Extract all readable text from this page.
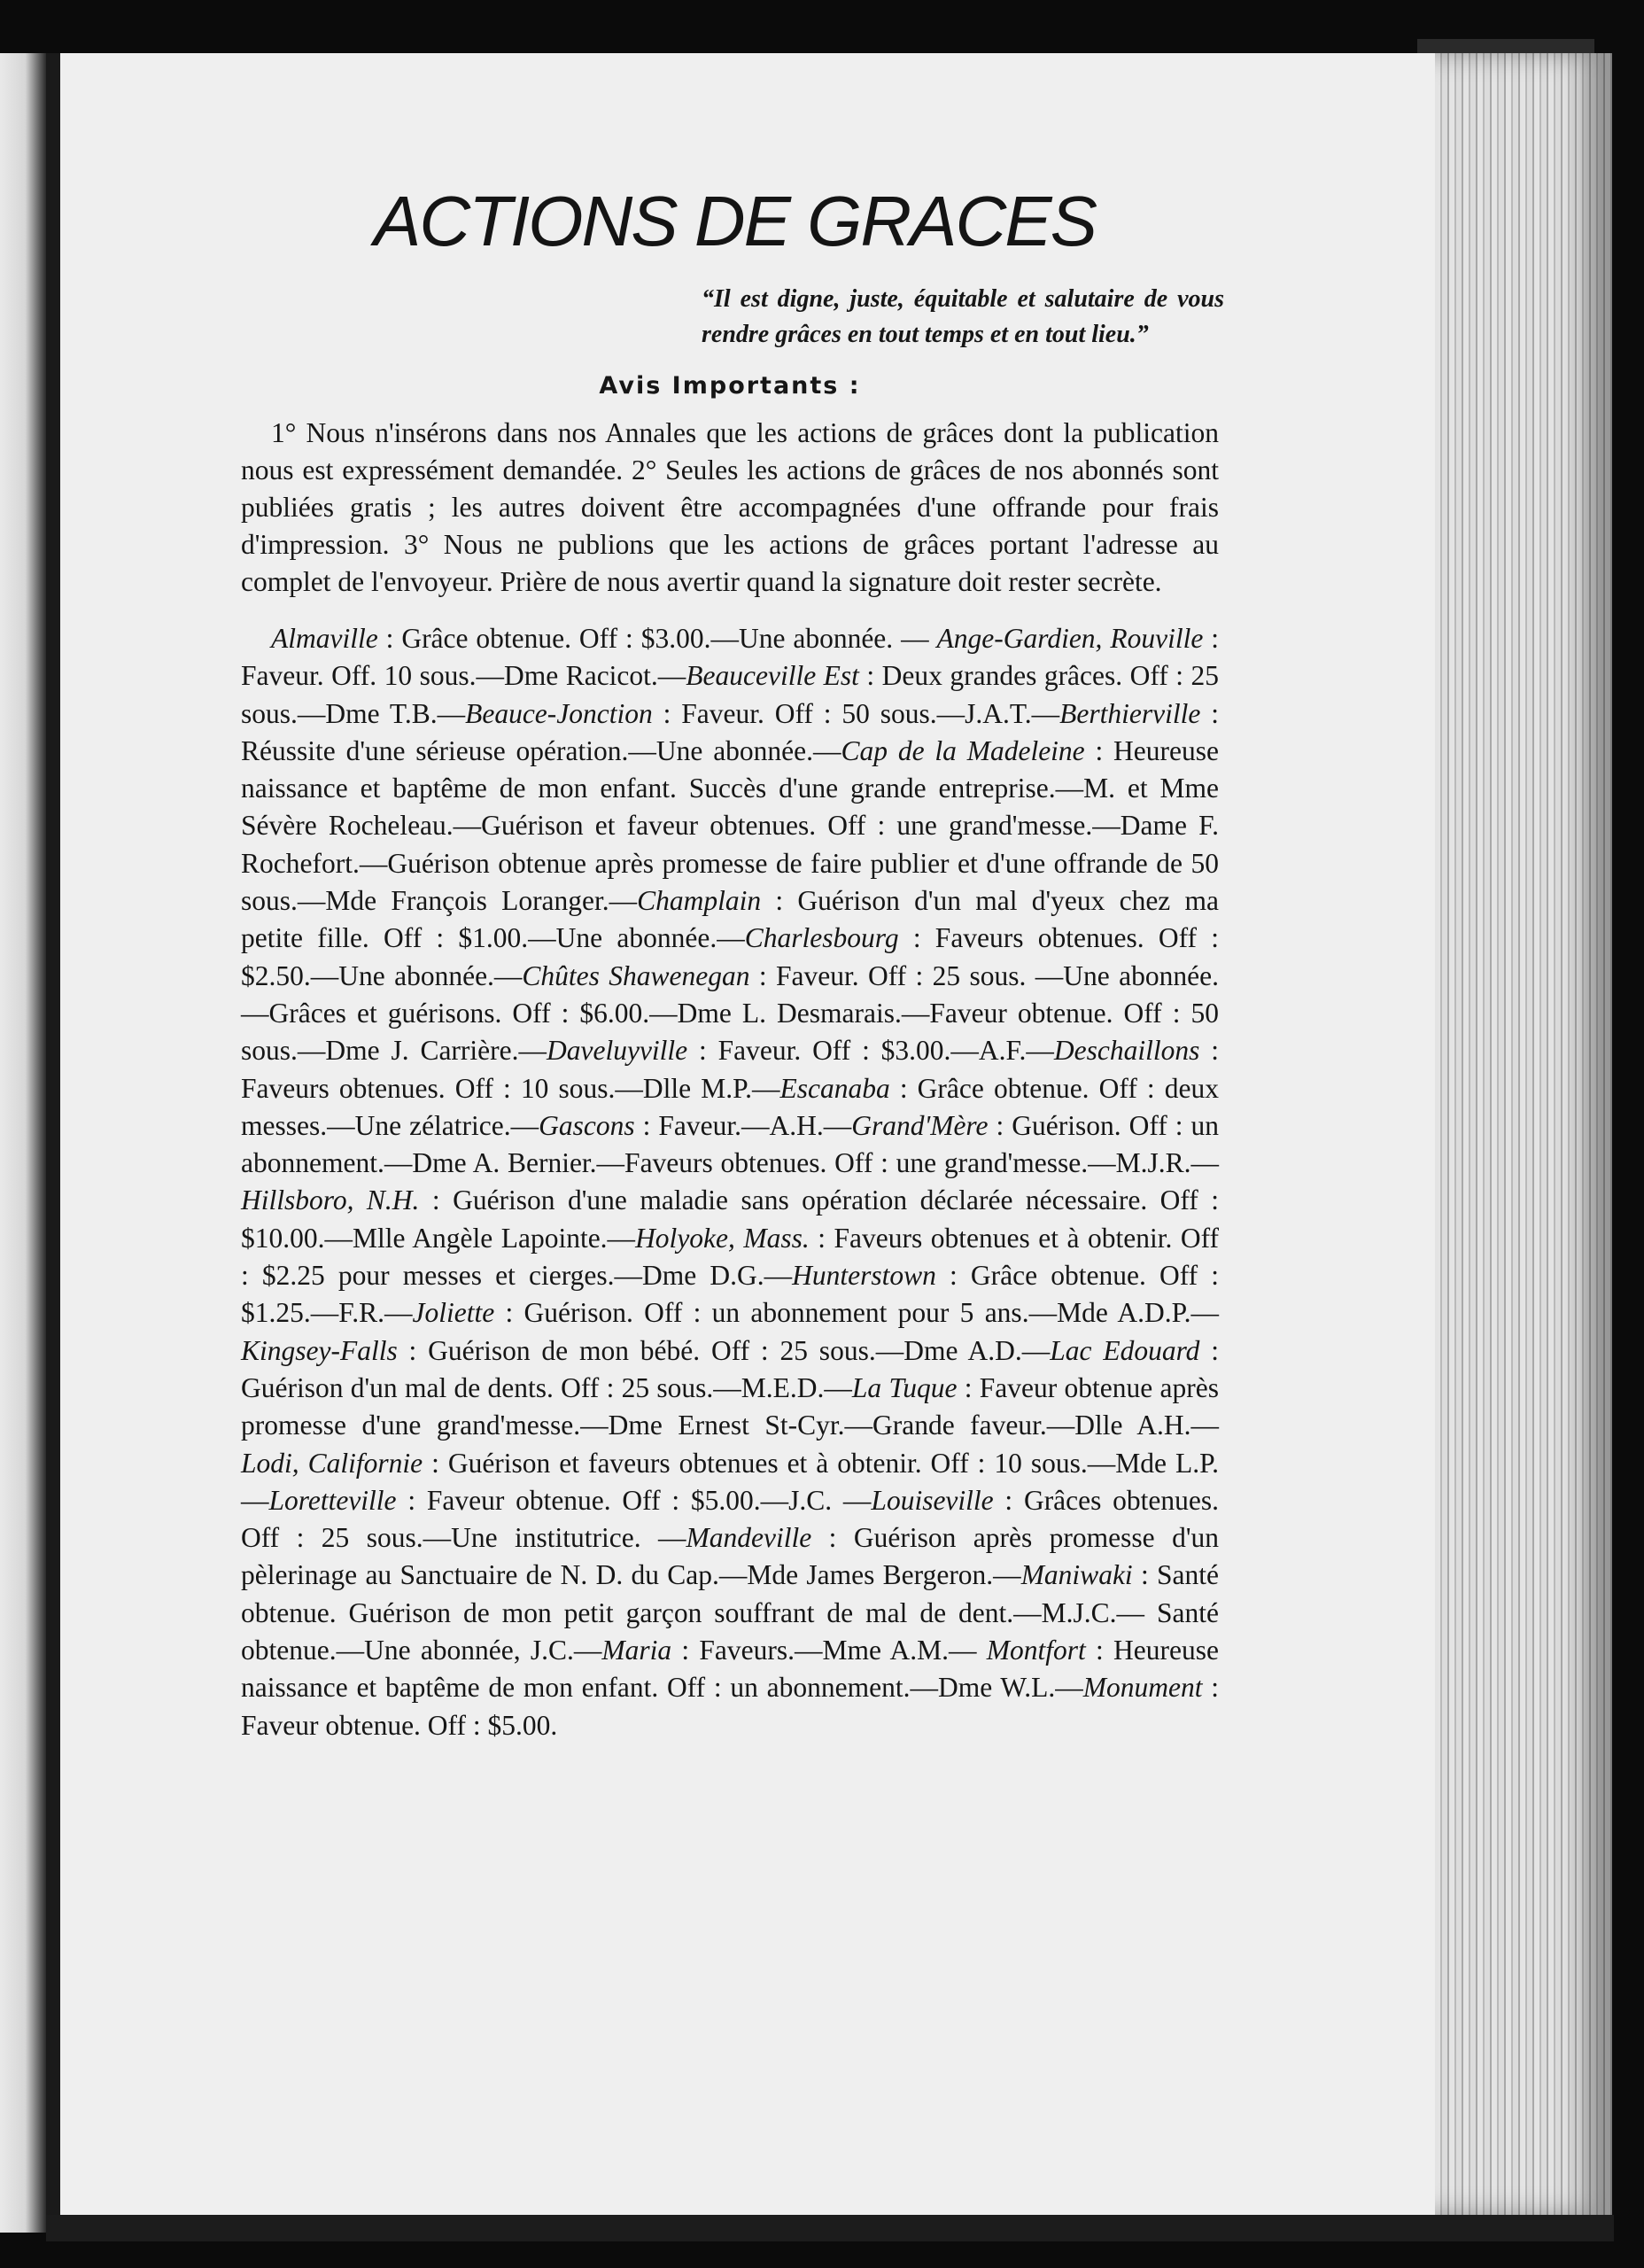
ACTIONS DE GRACES

“Il est digne, juste, équitable et salutaire de vous rendre grâces en tout temps et en tout lieu.”

Avis Importants :

1° Nous n'insérons dans nos Annales que les actions de grâces dont la publication nous est expressément demandée. 2° Seules les actions de grâces de nos abonnés sont publiées gratis ; les autres doivent être accompagnées d'une offrande pour frais d'impression. 3° Nous ne publions que les actions de grâces portant l'adresse au complet de l'envoyeur. Prière de nous avertir quand la signature doit rester secrète.

Almaville : Grâce obtenue. Off : $3.00.—Une abonnée. — Ange-Gardien, Rouville : Faveur. Off. 10 sous.—Dme Racicot.—Beauceville Est : Deux grandes grâces. Off : 25 sous.—Dme T.B.—Beauce-Jonction : Faveur. Off : 50 sous.—J.A.T.—Berthierville : Réussite d'une sérieuse opération.—Une abonnée.—Cap de la Madeleine : Heureuse naissance et baptême de mon enfant. Succès d'une grande entreprise.—M. et Mme Sévère Rocheleau.—Guérison et faveur obtenues. Off : une grand'messe.—Dame F. Rochefort.—Guérison obtenue après promesse de faire publier et d'une offrande de 50 sous.—Mde François Loranger.—Champlain : Guérison d'un mal d'yeux chez ma petite fille. Off : $1.00.—Une abonnée.—Charlesbourg : Faveurs obtenues. Off : $2.50.—Une abonnée.—Chûtes Shawenegan : Faveur. Off : 25 sous. —Une abonnée.—Grâces et guérisons. Off : $6.00.—Dme L. Desmarais.—Faveur obtenue. Off : 50 sous.—Dme J. Carrière.—Daveluyville : Faveur. Off : $3.00.—A.F.—Deschaillons : Faveurs obtenues. Off : 10 sous.—Dlle M.P.—Escanaba : Grâce obtenue. Off : deux messes.—Une zélatrice.—Gascons : Faveur.—A.H.—Grand'Mère : Guérison. Off : un abonnement.—Dme A. Bernier.—Faveurs obtenues. Off : une grand'messe.—M.J.R.—Hillsboro, N.H. : Guérison d'une maladie sans opération déclarée nécessaire. Off : $10.00.—Mlle Angèle Lapointe.—Holyoke, Mass. : Faveurs obtenues et à obtenir. Off : $2.25 pour messes et cierges.—Dme D.G.—Hunterstown : Grâce obtenue. Off : $1.25.—F.R.—Joliette : Guérison. Off : un abonnement pour 5 ans.—Mde A.D.P.—Kingsey-Falls : Guérison de mon bébé. Off : 25 sous.—Dme A.D.—Lac Edouard : Guérison d'un mal de dents. Off : 25 sous.—M.E.D.—La Tuque : Faveur obtenue après promesse d'une grand'messe.—Dme Ernest St-Cyr.—Grande faveur.—Dlle A.H.—Lodi, Californie : Guérison et faveurs obtenues et à obtenir. Off : 10 sous.—Mde L.P.—Loretteville : Faveur obtenue. Off : $5.00.—J.C. —Louiseville : Grâces obtenues. Off : 25 sous.—Une institutrice. —Mandeville : Guérison après promesse d'un pèlerinage au Sanctuaire de N. D. du Cap.—Mde James Bergeron.—Maniwaki : Santé obtenue. Guérison de mon petit garçon souffrant de mal de dent.—M.J.C.— Santé obtenue.—Une abonnée, J.C.—Maria : Faveurs.—Mme A.M.— Montfort : Heureuse naissance et baptême de mon enfant. Off : un abonnement.—Dme W.L.—Monument : Faveur obtenue. Off : $5.00.
